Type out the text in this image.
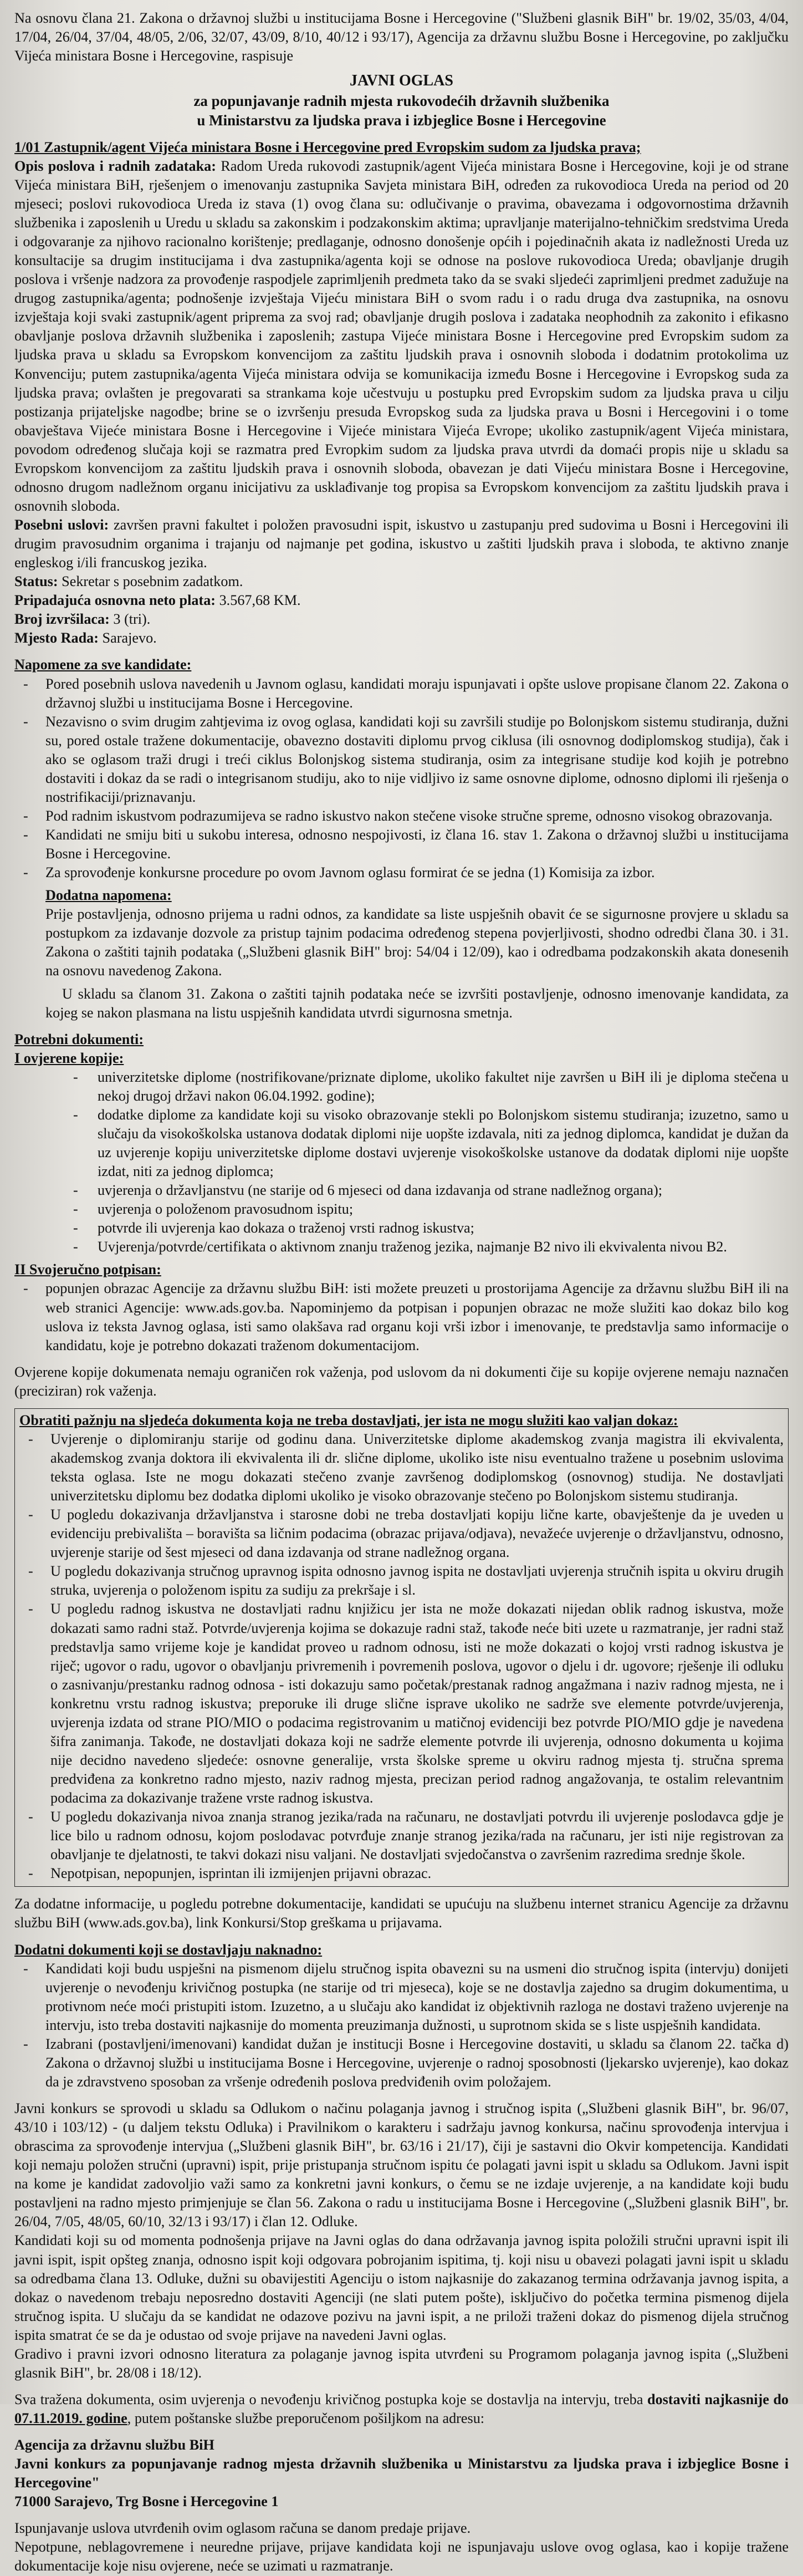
Na osnovu člana 21. Zakona o državnoj službi u institucijama Bosne i Hercegovine ("Službeni glasnik BiH" br. 19/02, 35/03, 4/04, 17/04, 26/04, 37/04, 48/05, 2/06, 32/07, 43/09, 8/10, 40/12 i 93/17), Agencija za državnu službu Bosne i Hercegovine, po zaključku Vijeća ministara Bosne i Hercegovine, raspisuje

JAVNI OGLAS

za popunjavanje radnih mjesta rukovodećih državnih službenika

u Ministarstvu za ljudska prava i izbjeglice Bosne i Hercegovine

1/01 Zastupnik/agent Vijeća ministara Bosne i Hercegovine pred Evropskim sudom za ljudska prava;

Opis poslova i radnih zadataka: Radom Ureda rukovodi zastupnik/agent Vijeća ministara Bosne i Hercegovine, koji je od strane Vijeća ministara BiH, rješenjem o imenovanju zastupnika Savjeta ministara BiH, određen za rukovodioca Ureda na period od 20 mjeseci; poslovi rukovodioca Ureda iz stava (1) ovog člana su: odlučivanje o pravima, obavezama i odgovornostima državnih službenika i zaposlenih u Uredu u skladu sa zakonskim i podzakonskim aktima; upravljanje materijalno-tehničkim sredstvima Ureda i odgovaranje za njihovo racionalno korištenje; predlaganje, odnosno donošenje općih i pojedinačnih akata iz nadležnosti Ureda uz konsultacije sa drugim institucijama i dva zastupnika/agenta koji se odnose na poslove rukovodioca Ureda; obavljanje drugih poslova i vršenje nadzora za provođenje raspodjele zaprimljenih predmeta tako da se svaki sljedeći zaprimljeni predmet zadužuje na drugog zastupnika/agenta; podnošenje izvještaja Vijeću ministara BiH o svom radu i o radu druga dva zastupnika, na osnovu izvještaja koji svaki zastupnik/agent priprema za svoj rad; obavljanje drugih poslova i zadataka neophodnih za zakonito i efikasno obavljanje poslova državnih službenika i zaposlenih; zastupa Vijeće ministara Bosne i Hercegovine pred Evropskim sudom za ljudska prava u skladu sa Evropskom konvencijom za zaštitu ljudskih prava i osnovnih sloboda i dodatnim protokolima uz Konvenciju; putem zastupnika/agenta Vijeća ministara odvija se komunikacija između Bosne i Hercegovine i Evropskog suda za ljudska prava; ovlašten je pregovarati sa strankama koje učestvuju u postupku pred Evropskim sudom za ljudska prava u cilju postizanja prijateljske nagodbe; brine se o izvršenju presuda Evropskog suda za ljudska prava u Bosni i Hercegovini i o tome obavještava Vijeće ministara Bosne i Hercegovine i Vijeće ministara Vijeća Evrope; ukoliko zastupnik/agent Vijeća ministara, povodom određenog slučaja koji se razmatra pred Evropkim sudom za ljudska prava utvrdi da domaći propis nije u skladu sa Evropskom konvencijom za zaštitu ljudskih prava i osnovnih sloboda, obavezan je dati Vijeću ministara Bosne i Hercegovine, odnosno drugom nadležnom organu inicijativu za usklađivanje tog propisa sa Evropskom konvencijom za zaštitu ljudskih prava i osnovnih sloboda.

Posebni uslovi: završen pravni fakultet i položen pravosudni ispit, iskustvo u zastupanju pred sudovima u Bosni i Hercegovini ili drugim pravosudnim organima i trajanju od najmanje pet godina, iskustvo u zaštiti ljudskih prava i sloboda, te aktivno znanje engleskog i/ili francuskog jezika.

Status: Sekretar s posebnim zadatkom.

Pripadajuća osnovna neto plata: 3.567,68 KM.

Broj izvršilaca: 3 (tri).

Mjesto Rada: Sarajevo.

Napomene za sve kandidate:

- Pored posebnih uslova navedenih u Javnom oglasu, kandidati moraju ispunjavati i opšte uslove propisane članom 22. Zakona o državnoj službi u institucijama Bosne i Hercegovine.
- Nezavisno o svim drugim zahtjevima iz ovog oglasa, kandidati koji su završili studije po Bolonjskom sistemu studiranja, dužni su, pored ostale tražene dokumentacije, obavezno dostaviti diplomu prvog ciklusa (ili osnovnog dodiplomskog studija), čak i ako se oglasom traži drugi i treći ciklus Bolonjskog sistema studiranja, osim za integrisane studije kod kojih je potrebno dostaviti i dokaz da se radi o integrisanom studiju, ako to nije vidljivo iz same osnovne diplome, odnosno diplomi ili rješenja o nostrifikaciji/priznavanju.
- Pod radnim iskustvom podrazumijeva se radno iskustvo nakon stečene visoke stručne spreme, odnosno visokog obrazovanja.
- Kandidati ne smiju biti u sukobu interesa, odnosno nespojivosti, iz člana 16. stav 1. Zakona o državnoj službi u institucijama Bosne i Hercegovine.
- Za sprovođenje konkursne procedure po ovom Javnom oglasu formirat će se jedna (1) Komisija za izbor.

Dodatna napomena:

Prije postavljenja, odnosno prijema u radni odnos, za kandidate sa liste uspješnih obavit će se sigurnosne provjere u skladu sa postupkom za izdavanje dozvole za pristup tajnim podacima određenog stepena povjerljivosti, shodno odredbi člana 30. i 31. Zakona o zaštiti tajnih podataka („Službeni glasnik BiH" broj: 54/04 i 12/09), kao i odredbama podzakonskih akata donesenih na osnovu navedenog Zakona.

U skladu sa članom 31. Zakona o zaštiti tajnih podataka neće se izvršiti postavljenje, odnosno imenovanje kandidata, za kojeg se nakon plasmana na listu uspješnih kandidata utvrdi sigurnosna smetnja.

Potrebni dokumenti:

I ovjerene kopije:

- univerzitetske diplome (nostrifikovane/priznate diplome, ukoliko fakultet nije završen u BiH ili je diploma stečena u nekoj drugoj državi nakon 06.04.1992. godine);
- dodatke diplome za kandidate koji su visoko obrazovanje stekli po Bolonjskom sistemu studiranja; izuzetno, samo u slučaju da visokoškolska ustanova dodatak diplomi nije uopšte izdavala, niti za jednog diplomca, kandidat je dužan da uz uvjerenje kopiju univerzitetske diplome dostavi uvjerenje visokoškolske ustanove da dodatak diplomi nije uopšte izdat, niti za jednog diplomca;
- uvjerenja o državljanstvu (ne starije od 6 mjeseci od dana izdavanja od strane nadležnog organa);
- uvjerenja o položenom pravosudnom ispitu;
- potvrde ili uvjerenja kao dokaza o traženoj vrsti radnog iskustva;
- Uvjerenja/potvrde/certifikata o aktivnom znanju traženog jezika, najmanje B2 nivo ili ekvivalenta nivou B2.

II Svojeručno potpisan:

- popunjen obrazac Agencije za državnu službu BiH: isti možete preuzeti u prostorijama Agencije za državnu službu BiH ili na web stranici Agencije: www.ads.gov.ba. Napominjemo da potpisan i popunjen obrazac ne može služiti kao dokaz bilo kog uslova iz teksta Javnog oglasa, isti samo olakšava rad organu koji vrši izbor i imenovanje, te predstavlja samo informacije o kandidatu, koje je potrebno dokazati traženom dokumentacijom.

Ovjerene kopije dokumenata nemaju ograničen rok važenja, pod uslovom da ni dokumenti čije su kopije ovjerene nemaju naznačen (preciziran) rok važenja.

Obratiti pažnju na sljedeća dokumenta koja ne treba dostavljati, jer ista ne mogu služiti kao valjan dokaz:

- Uvjerenje o diplomiranju starije od godinu dana. Univerzitetske diplome akademskog zvanja magistra ili ekvivalenta, akademskog zvanja doktora ili ekvivalenta ili dr. slične diplome, ukoliko iste nisu eventualno tražene u posebnim uslovima teksta oglasa. Iste ne mogu dokazati stečeno zvanje završenog dodiplomskog (osnovnog) studija. Ne dostavljati univerzitetsku diplomu bez dodatka diplomi ukoliko je visoko obrazovanje stečeno po Bolonjskom sistemu studiranja.
- U pogledu dokazivanja državljanstva i starosne dobi ne treba dostavljati kopiju lične karte, obavještenje da je uveden u evidenciju prebivališta – boravišta sa ličnim podacima (obrazac prijava/odjava), nevažeće uvjerenje o državljanstvu, odnosno, uvjerenje starije od šest mjeseci od dana izdavanja od strane nadležnog organa.
- U pogledu dokazivanja stručnog upravnog ispita odnosno javnog ispita ne dostavljati uvjerenja stručnih ispita u okviru drugih struka, uvjerenja o položenom ispitu za sudiju za prekršaje i sl.
- U pogledu radnog iskustva ne dostavljati radnu knjižicu jer ista ne može dokazati nijedan oblik radnog iskustva, može dokazati samo radni staž. Potvrde/uvjerenja kojima se dokazuje radni staž, takođe neće biti uzete u razmatranje, jer radni staž predstavlja samo vrijeme koje je kandidat proveo u radnom odnosu, isti ne može dokazati o kojoj vrsti radnog iskustva je riječ; ugovor o radu, ugovor o obavljanju privremenih i povremenih poslova, ugovor o djelu i dr. ugovore; rješenje ili odluku o zasnivanju/prestanku radnog odnosa - isti dokazuju samo početak/prestanak radnog angažmana i naziv radnog mjesta, ne i konkretnu vrstu radnog iskustva; preporuke ili druge slične isprave ukoliko ne sadrže sve elemente potvrde/uvjerenja, uvjerenja izdata od strane PIO/MIO o podacima registrovanim u matičnoj evidenciji bez potvrde PIO/MIO gdje je navedena šifra zanimanja. Takođe, ne dostavljati dokaza koji ne sadrže elemente potvrde ili uvjerenja, odnosno dokumenta u kojima nije decidno navedeno sljedeće: osnovne generalije, vrsta školske spreme u okviru radnog mjesta tj. stručna sprema predviđena za konkretno radno mjesto, naziv radnog mjesta, precizan period radnog angažovanja, te ostalim relevantnim podacima za dokazivanje tražene vrste radnog iskustva.
- U pogledu dokazivanja nivoa znanja stranog jezika/rada na računaru, ne dostavljati potvrdu ili uvjerenje poslodavca gdje je lice bilo u radnom odnosu, kojom poslodavac potvrđuje znanje stranog jezika/rada na računaru, jer isti nije registrovan za obavljanje te djelatnosti, te takvi dokazi nisu valjani. Ne dostavljati svjedočanstva o završenim razredima srednje škole.
- Nepotpisan, nepopunjen, isprintan ili izmijenjen prijavni obrazac.

Za dodatne informacije, u pogledu potrebne dokumentacije, kandidati se upućuju na službenu internet stranicu Agencije za državnu službu BiH (www.ads.gov.ba), link Konkursi/Stop greškama u prijavama.

Dodatni dokumenti koji se dostavljaju naknadno:

- Kandidati koji budu uspješni na pismenom dijelu stručnog ispita obavezni su na usmeni dio stručnog ispita (intervju) donijeti uvjerenje o nevođenju krivičnog postupka (ne starije od tri mjeseca), koje se ne dostavlja zajedno sa drugim dokumentima, u protivnom neće moći pristupiti istom. Izuzetno, a u slučaju ako kandidat iz objektivnih razloga ne dostavi traženo uvjerenje na intervju, isto treba dostaviti najkasnije do momenta preuzimanja dužnosti, u suprotnom skida se s liste uspješnih kandidata.
- Izabrani (postavljeni/imenovani) kandidat dužan je institucji Bosne i Hercegovine dostaviti, u skladu sa članom 22. tačka d) Zakona o državnoj službi u institucijama Bosne i Hercegovine, uvjerenje o radnoj sposobnosti (ljekarsko uvjerenje), kao dokaz da je zdravstveno sposoban za vršenje određenih poslova predviđenih ovim položajem.

Javni konkurs se sprovodi u skladu sa Odlukom o načinu polaganja javnog i stručnog ispita („Službeni glasnik BiH", br. 96/07, 43/10 i 103/12) - (u daljem tekstu Odluka) i Pravilnikom o karakteru i sadržaju javnog konkursa, načinu sprovođenja intervjua i obrascima za sprovođenje intervjua („Službeni glasnik BiH", br. 63/16 i 21/17), čiji je sastavni dio Okvir kompetencija. Kandidati koji nemaju položen stručni (upravni) ispit, prije pristupanja stručnom ispitu će polagati javni ispit u skladu sa Odlukom. Javni ispit na kome je kandidat zadovoljio važi samo za konkretni javni konkurs, o čemu se ne izdaje uvjerenje, a na kandidate koji budu postavljeni na radno mjesto primjenjuje se član 56. Zakona o radu u institucijama Bosne i Hercegovine („Službeni glasnik BiH", br. 26/04, 7/05, 48/05, 60/10, 32/13 i 93/17) i član 12. Odluke.

Kandidati koji su od momenta podnošenja prijave na Javni oglas do dana održavanja javnog ispita položili stručni upravni ispit ili javni ispit, ispit opšteg znanja, odnosno ispit koji odgovara pobrojanim ispitima, tj. koji nisu u obavezi polagati javni ispit u skladu sa odredbama člana 13. Odluke, dužni su obavijestiti Agenciju o istom najkasnije do zakazanog termina održavanja javnog ispita, a dokaz o navedenom trebaju neposredno dostaviti Agenciji (ne slati putem pošte), isključivo do početka termina pismenog dijela stručnog ispita. U slučaju da se kandidat ne odazove pozivu na javni ispit, a ne priloži traženi dokaz do pismenog dijela stručnog ispita smatrat će se da je odustao od svoje prijave na navedeni Javni oglas.

Gradivo i pravni izvori odnosno literatura za polaganje javnog ispita utvrđeni su Programom polaganja javnog ispita („Službeni glasnik BiH", br. 28/08 i 18/12).

Sva tražena dokumenta, osim uvjerenja o nevođenju krivičnog postupka koje se dostavlja na intervju, treba dostaviti najkasnije do 07.11.2019. godine, putem poštanske službe preporučenom pošiljkom na adresu:

Agencija za državnu službu BiH

Javni konkurs za popunjavanje radnog mjesta državnih službenika u Ministarstvu za ljudska prava i izbjeglice Bosne i Hercegovine"

71000 Sarajevo, Trg Bosne i Hercegovine 1

Ispunjavanje uslova utvrđenih ovim oglasom računa se danom predaje prijave.

Nepotpune, neblagovremene i neuredne prijave, prijave kandidata koji ne ispunjavaju uslove ovog oglasa, kao i kopije tražene dokumentacije koje nisu ovjerene, neće se uzimati u razmatranje.
